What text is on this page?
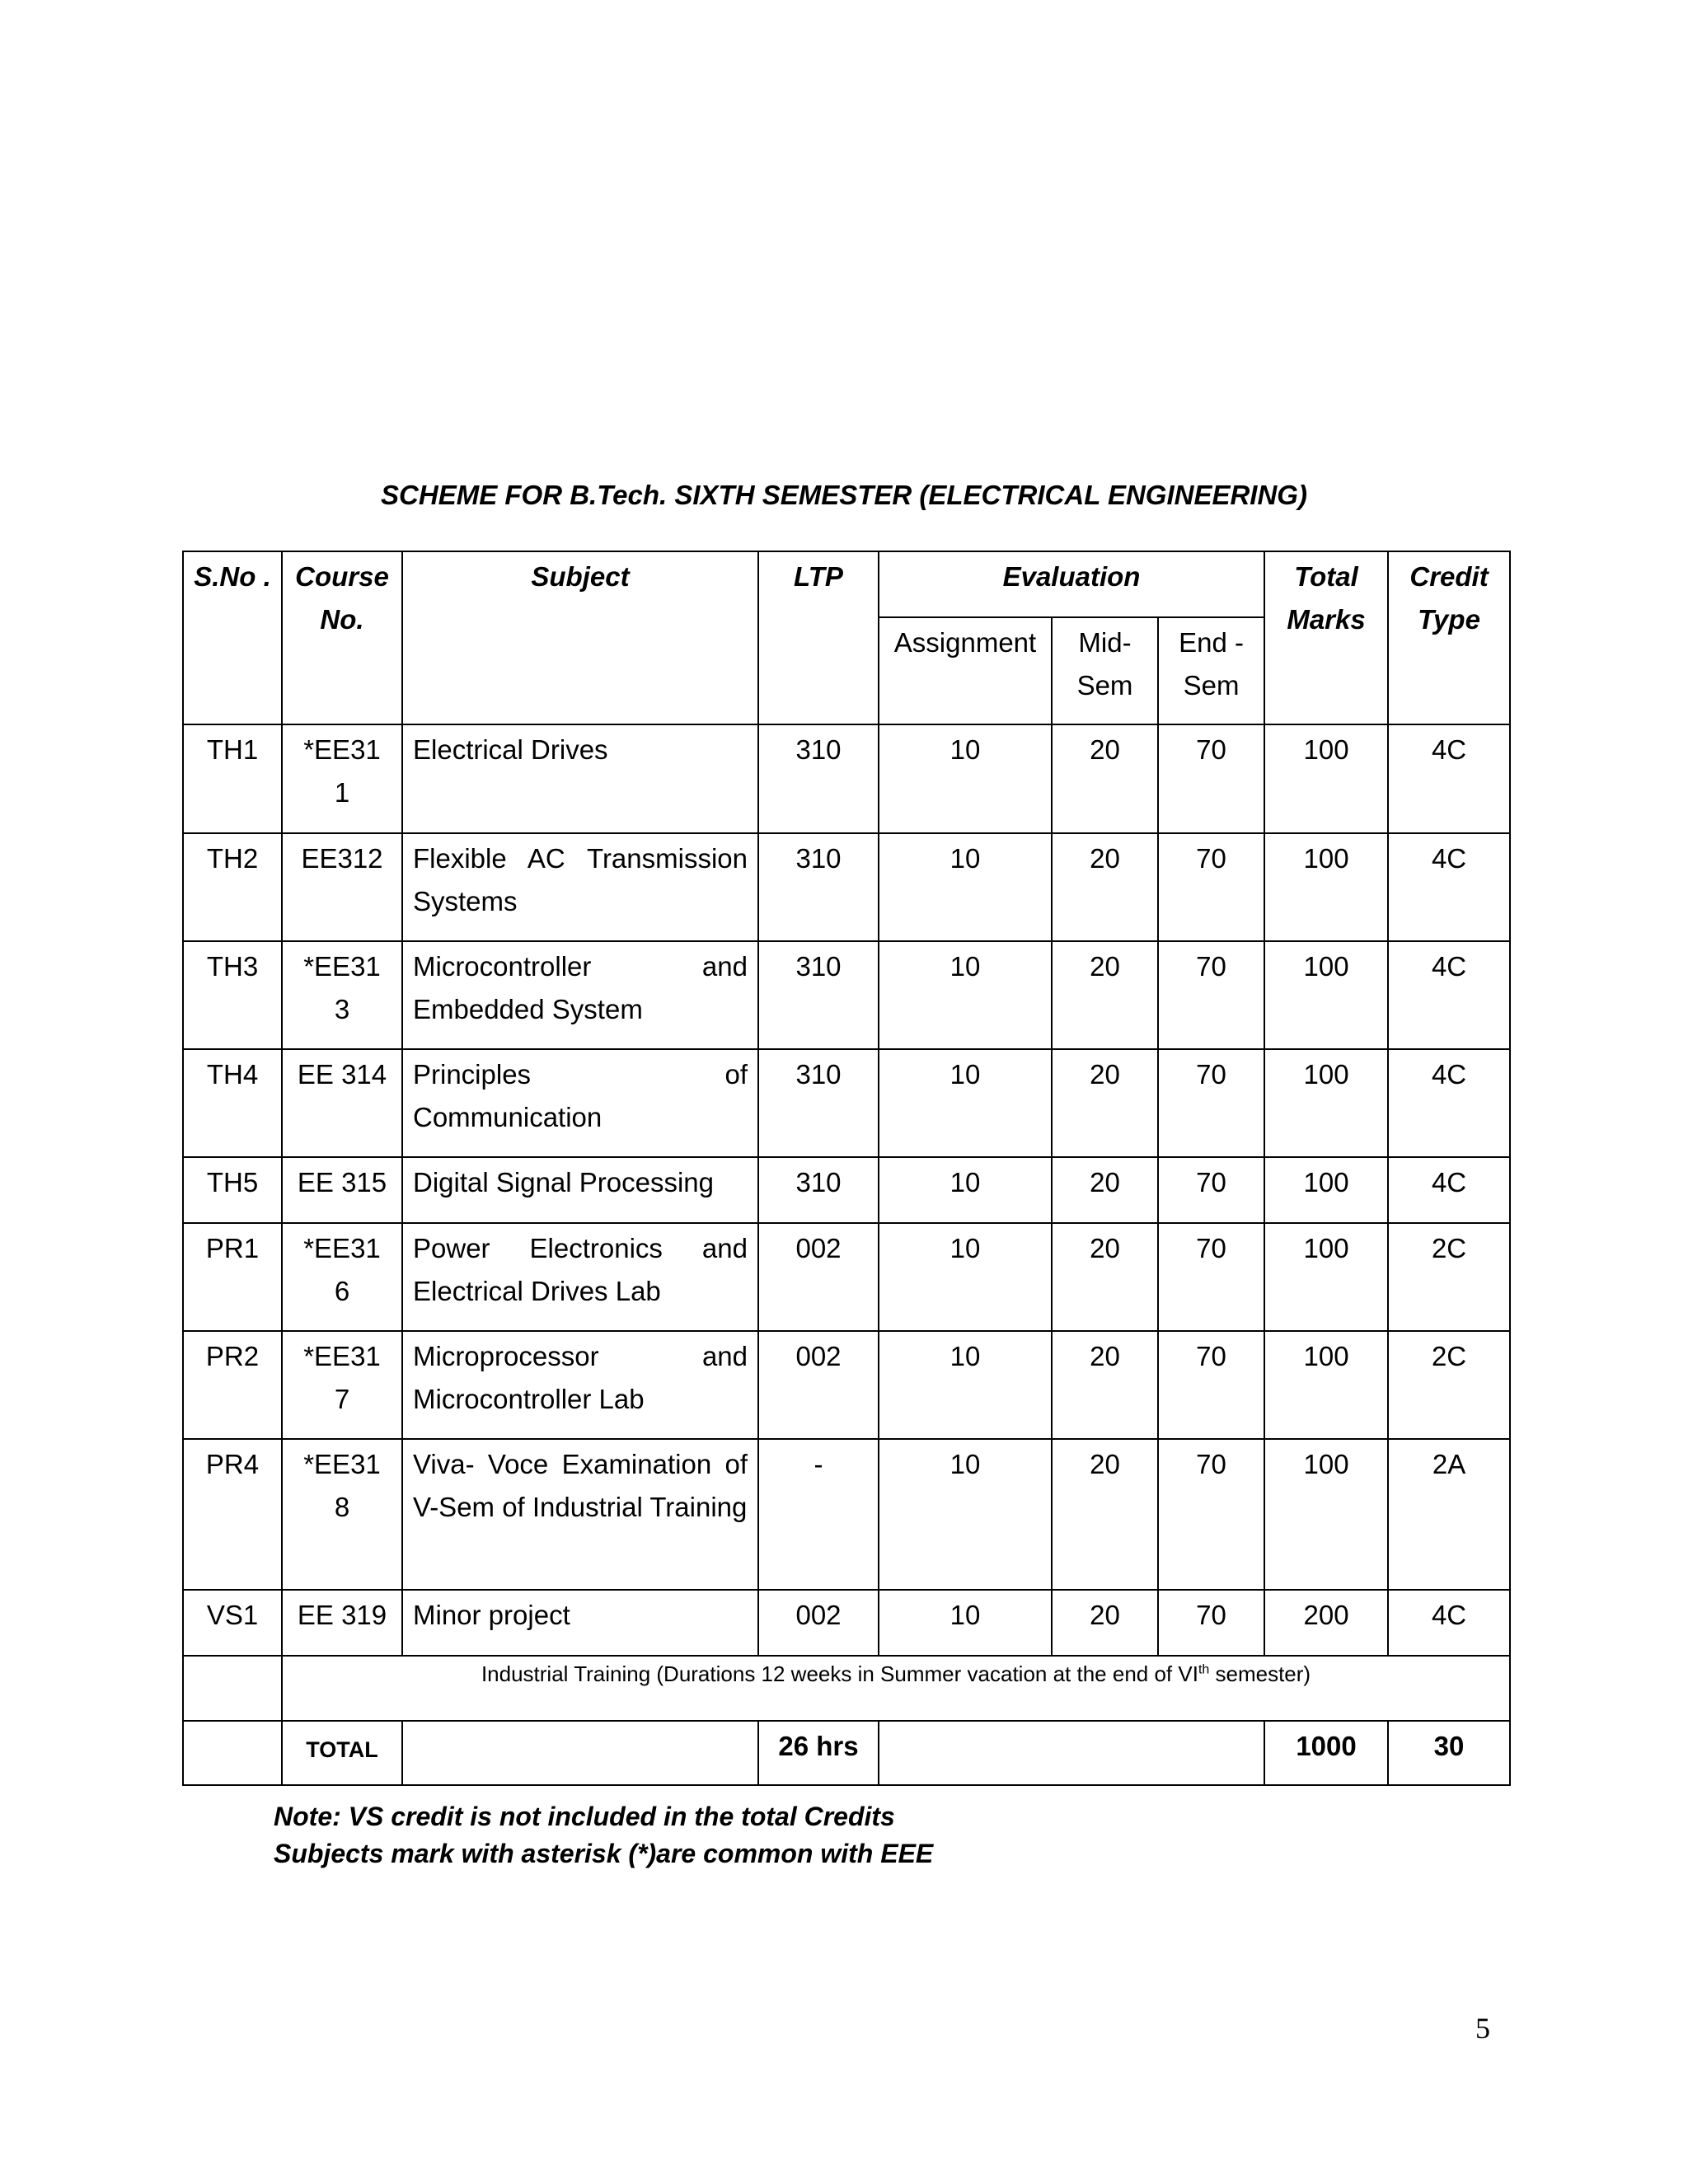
SCHEME FOR B.Tech. SIXTH SEMESTER (ELECTRICAL ENGINEERING)
S.No .	Course No.	Subject	LTP	Evaluation			Total Marks	Credit Type
				Assignment	Mid- Sem	End -Sem		
TH1	*EE31 1	Electrical Drives	310	10	20	70	100	4C
TH2	EE312	Flexible AC Transmission Systems	310	10	20	70	100	4C
TH3	*EE31 3	Microcontroller and Embedded System	310	10	20	70	100	4C
TH4	EE 314	Principles of Communication	310	10	20	70	100	4C
TH5	EE 315	Digital Signal Processing	310	10	20	70	100	4C
PR1	*EE31 6	Power Electronics and Electrical Drives Lab	002	10	20	70	100	2C
PR2	*EE31 7	Microprocessor and Microcontroller Lab	002	10	20	70	100	2C
PR4	*EE31 8	Viva- Voce Examination of V-Sem of Industrial Training	-	10	20	70	100	2A
VS1	EE 319	Minor project	002	10	20	70	200	4C
	Industrial Training (Durations 12 weeks in Summer vacation at the end of VIth semester)							
	TOTAL		26 hrs				1000	30
Note: VS credit is not included in the total Credits
Subjects mark with asterisk (*)are common with EEE
5
